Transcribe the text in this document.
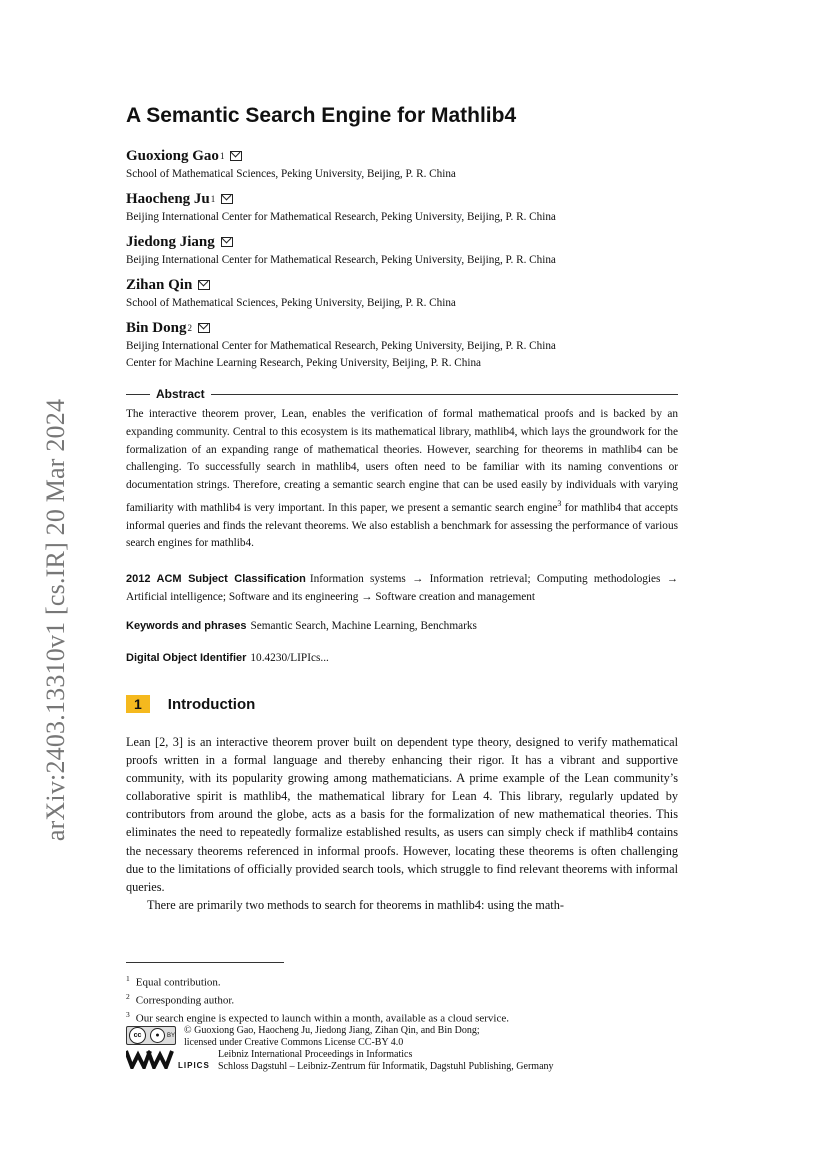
arXiv:2403.13310v1 [cs.IR] 20 Mar 2024
A Semantic Search Engine for Mathlib4
Guoxiong Gao 1
School of Mathematical Sciences, Peking University, Beijing, P. R. China
Haocheng Ju 1
Beijing International Center for Mathematical Research, Peking University, Beijing, P. R. China
Jiedong Jiang
Beijing International Center for Mathematical Research, Peking University, Beijing, P. R. China
Zihan Qin
School of Mathematical Sciences, Peking University, Beijing, P. R. China
Bin Dong 2
Beijing International Center for Mathematical Research, Peking University, Beijing, P. R. China
Center for Machine Learning Research, Peking University, Beijing, P. R. China
Abstract
The interactive theorem prover, Lean, enables the verification of formal mathematical proofs and is backed by an expanding community. Central to this ecosystem is its mathematical library, mathlib4, which lays the groundwork for the formalization of an expanding range of mathematical theories. However, searching for theorems in mathlib4 can be challenging. To successfully search in mathlib4, users often need to be familiar with its naming conventions or documentation strings. Therefore, creating a semantic search engine that can be used easily by individuals with varying familiarity with mathlib4 is very important. In this paper, we present a semantic search engine$^3$ for mathlib4 that accepts informal queries and finds the relevant theorems. We also establish a benchmark for assessing the performance of various search engines for mathlib4.
2012 ACM Subject Classification Information systems → Information retrieval; Computing methodologies → Artificial intelligence; Software and its engineering → Software creation and management
Keywords and phrases Semantic Search, Machine Learning, Benchmarks
Digital Object Identifier 10.4230/LIPIcs...
1	Introduction

Lean [2, 3] is an interactive theorem prover built on dependent type theory, designed to verify mathematical proofs written in a formal language and thereby enhancing their rigor. It has a vibrant and supportive community, with its popularity growing among mathematicians. A prime example of the Lean community’s collaborative spirit is mathlib4, the mathematical library for Lean 4. This library, regularly updated by contributors from around the globe, acts as a basis for the formalization of new mathematical theories. This eliminates the need to repeatedly formalize established results, as users can simply check if mathlib4 contains the necessary theorems referenced in informal proofs. However, locating these theorems is often challenging due to the limitations of officially provided search tools, which struggle to find relevant theorems with informal queries.

There are primarily two methods to search for theorems in mathlib4: using the math-

$^1$ Equal contribution.
$^2$ Corresponding author.
$^3$ Our search engine is expected to launch within a month, available as a cloud service.
cc	●	BY © Guoxiong Gao, Haocheng Ju, Jiedong Jiang, Zihan Qin, and Bin Dong;
licensed under Creative Commons License CC-BY 4.0
LIPICS
Leibniz International Proceedings in Informatics
Schloss Dagstuhl – Leibniz-Zentrum für Informatik, Dagstuhl Publishing, Germany
